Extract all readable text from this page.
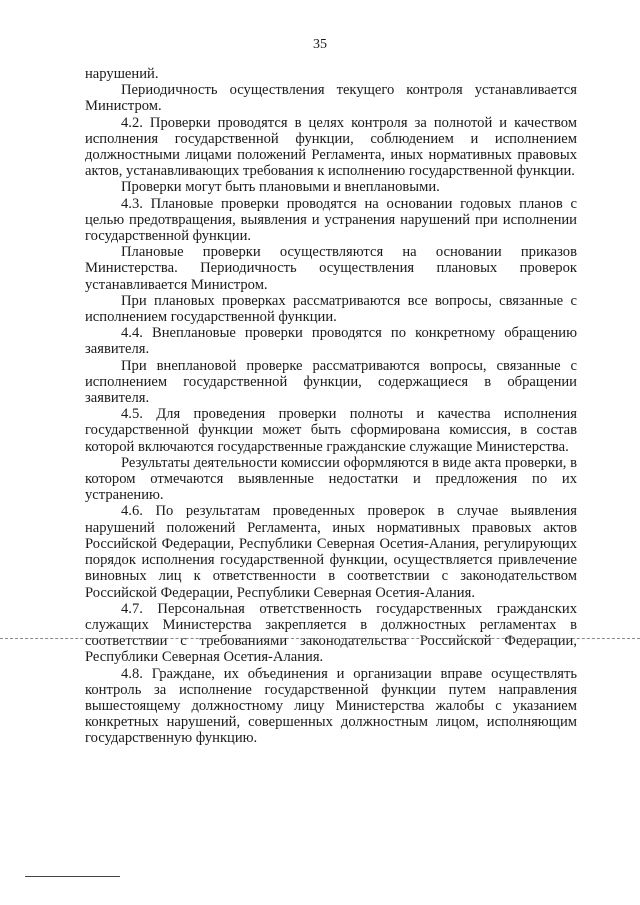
35

нарушений.

Периодичность осуществления текущего контроля устанавливается Министром.

4.2. Проверки проводятся в целях контроля за полнотой и качеством исполнения государственной функции, соблюдением и исполнением должностными лицами положений Регламента, иных нормативных правовых актов, устанавливающих требования к исполнению государственной функции.

Проверки могут быть плановыми и внеплановыми.

4.3. Плановые проверки проводятся на основании годовых планов с целью предотвращения, выявления и устранения нарушений при исполнении государственной функции.

Плановые проверки осуществляются на основании приказов Министерства. Периодичность осуществления плановых проверок устанавливается Министром.

При плановых проверках рассматриваются все вопросы, связанные с исполнением государственной функции.

4.4. Внеплановые проверки проводятся по конкретному обращению заявителя.

При внеплановой проверке рассматриваются вопросы, связанные с исполнением государственной функции, содержащиеся в обращении заявителя.

4.5. Для проведения проверки полноты и качества исполнения государственной функции может быть сформирована комиссия, в состав которой включаются государственные гражданские служащие Министерства.

Результаты деятельности комиссии оформляются в виде акта проверки, в котором отмечаются выявленные недостатки и предложения по их устранению.

4.6. По результатам проведенных проверок в случае выявления нарушений положений Регламента, иных нормативных правовых актов Российской Федерации, Республики Северная Осетия-Алания, регулирующих порядок исполнения государственной функции, осуществляется привлечение виновных лиц к ответственности в соответствии с законодательством Российской Федерации, Республики Северная Осетия-Алания.

4.7. Персональная ответственность государственных гражданских служащих Министерства закрепляется в должностных регламентах в соответствии с требованиями законодательства Российской Федерации, Республики Северная Осетия-Алания.

4.8. Граждане, их объединения и организации вправе осуществлять контроль за исполнение государственной функции путем направления вышестоящему должностному лицу Министерства жалобы с указанием конкретных нарушений, совершенных должностным лицом, исполняющим государственную функцию.
